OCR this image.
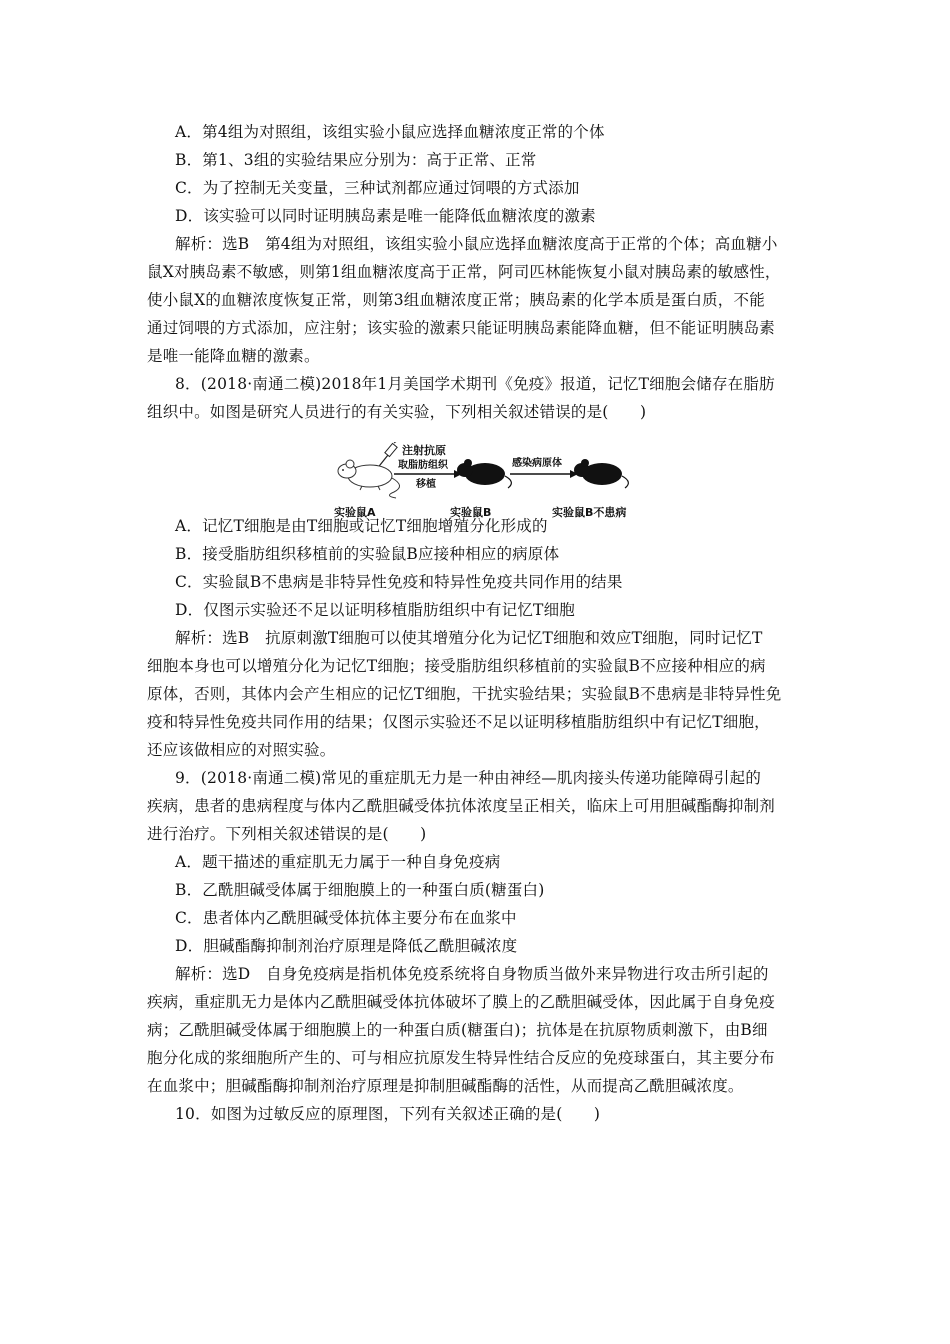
A．第4组为对照组，该组实验小鼠应选择血糖浓度正常的个体
B．第1、3组的实验结果应分别为：高于正常、正常
C．为了控制无关变量，三种试剂都应通过饲喂的方式添加
D．该实验可以同时证明胰岛素是唯一能降低血糖浓度的激素
解析：选B　第4组为对照组，该组实验小鼠应选择血糖浓度高于正常的个体；高血糖小
鼠X对胰岛素不敏感，则第1组血糖浓度高于正常，阿司匹林能恢复小鼠对胰岛素的敏感性，
使小鼠X的血糖浓度恢复正常，则第3组血糖浓度正常；胰岛素的化学本质是蛋白质，不能
通过饲喂的方式添加，应注射；该实验的激素只能证明胰岛素能降血糖，但不能证明胰岛素
是唯一能降血糖的激素。
8．(2018·南通二模)2018年1月美国学术期刊《免疫》报道，记忆T细胞会储存在脂肪
组织中。如图是研究人员进行的有关实验，下列相关叙述错误的是(　　)
注射抗原
取脂肪组织
移植
感染病原体
实验鼠A	实验鼠B	实验鼠B不患病
A．记忆T细胞是由T细胞或记忆T细胞增殖分化形成的
B．接受脂肪组织移植前的实验鼠B应接种相应的病原体
C．实验鼠B不患病是非特异性免疫和特异性免疫共同作用的结果
D．仅图示实验还不足以证明移植脂肪组织中有记忆T细胞
解析：选B　抗原刺激T细胞可以使其增殖分化为记忆T细胞和效应T细胞，同时记忆T
细胞本身也可以增殖分化为记忆T细胞；接受脂肪组织移植前的实验鼠B不应接种相应的病
原体，否则，其体内会产生相应的记忆T细胞，干扰实验结果；实验鼠B不患病是非特异性免
疫和特异性免疫共同作用的结果；仅图示实验还不足以证明移植脂肪组织中有记忆T细胞，
还应该做相应的对照实验。
9．(2018·南通二模)常见的重症肌无力是一种由神经—肌肉接头传递功能障碍引起的
疾病，患者的患病程度与体内乙酰胆碱受体抗体浓度呈正相关，临床上可用胆碱酯酶抑制剂
进行治疗。下列相关叙述错误的是(　　)
A．题干描述的重症肌无力属于一种自身免疫病
B．乙酰胆碱受体属于细胞膜上的一种蛋白质(糖蛋白)
C．患者体内乙酰胆碱受体抗体主要分布在血浆中
D．胆碱酯酶抑制剂治疗原理是降低乙酰胆碱浓度
解析：选D　自身免疫病是指机体免疫系统将自身物质当做外来异物进行攻击所引起的
疾病，重症肌无力是体内乙酰胆碱受体抗体破坏了膜上的乙酰胆碱受体，因此属于自身免疫
病；乙酰胆碱受体属于细胞膜上的一种蛋白质(糖蛋白)；抗体是在抗原物质刺激下，由B细
胞分化成的浆细胞所产生的、可与相应抗原发生特异性结合反应的免疫球蛋白，其主要分布
在血浆中；胆碱酯酶抑制剂治疗原理是抑制胆碱酯酶的活性，从而提高乙酰胆碱浓度。
10．如图为过敏反应的原理图，下列有关叙述正确的是(　　)
